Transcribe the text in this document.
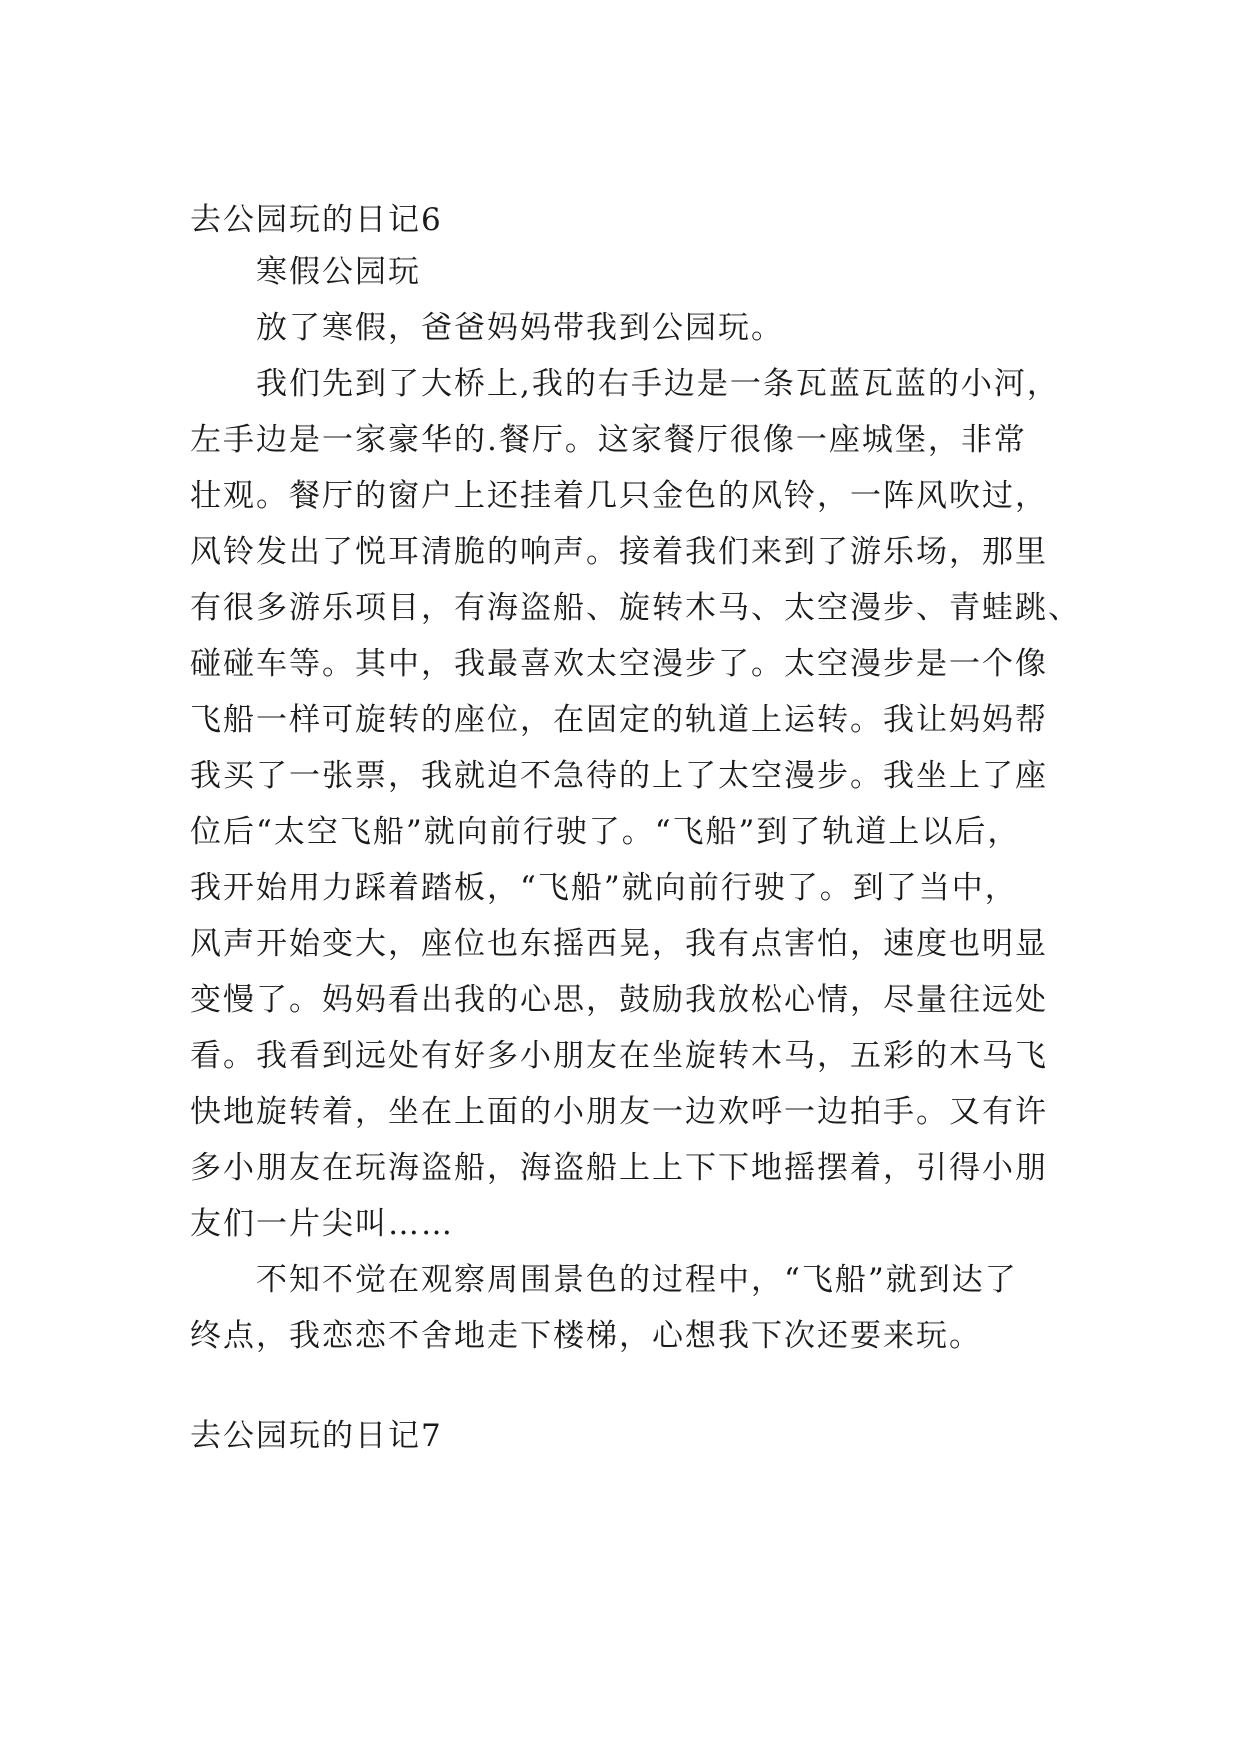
去公园玩的日记6
寒假公园玩
放了寒假，爸爸妈妈带我到公园玩。
我们先到了大桥上,我的右手边是一条瓦蓝瓦蓝的小河，
左手边是一家豪华的.餐厅。这家餐厅很像一座城堡，非常
壮观。餐厅的窗户上还挂着几只金色的风铃，一阵风吹过，
风铃发出了悦耳清脆的响声。接着我们来到了游乐场，那里
有很多游乐项目，有海盗船、旋转木马、太空漫步、青蛙跳、
碰碰车等。其中，我最喜欢太空漫步了。太空漫步是一个像
飞船一样可旋转的座位，在固定的轨道上运转。我让妈妈帮
我买了一张票，我就迫不急待的上了太空漫步。我坐上了座
位后“太空飞船”就向前行驶了。“飞船”到了轨道上以后，
我开始用力踩着踏板，“飞船”就向前行驶了。到了当中，
风声开始变大，座位也东摇西晃，我有点害怕，速度也明显
变慢了。妈妈看出我的心思，鼓励我放松心情，尽量往远处
看。我看到远处有好多小朋友在坐旋转木马，五彩的木马飞
快地旋转着，坐在上面的小朋友一边欢呼一边拍手。又有许
多小朋友在玩海盗船，海盗船上上下下地摇摆着，引得小朋
友们一片尖叫……
不知不觉在观察周围景色的过程中，“飞船”就到达了
终点，我恋恋不舍地走下楼梯，心想我下次还要来玩。
去公园玩的日记7
